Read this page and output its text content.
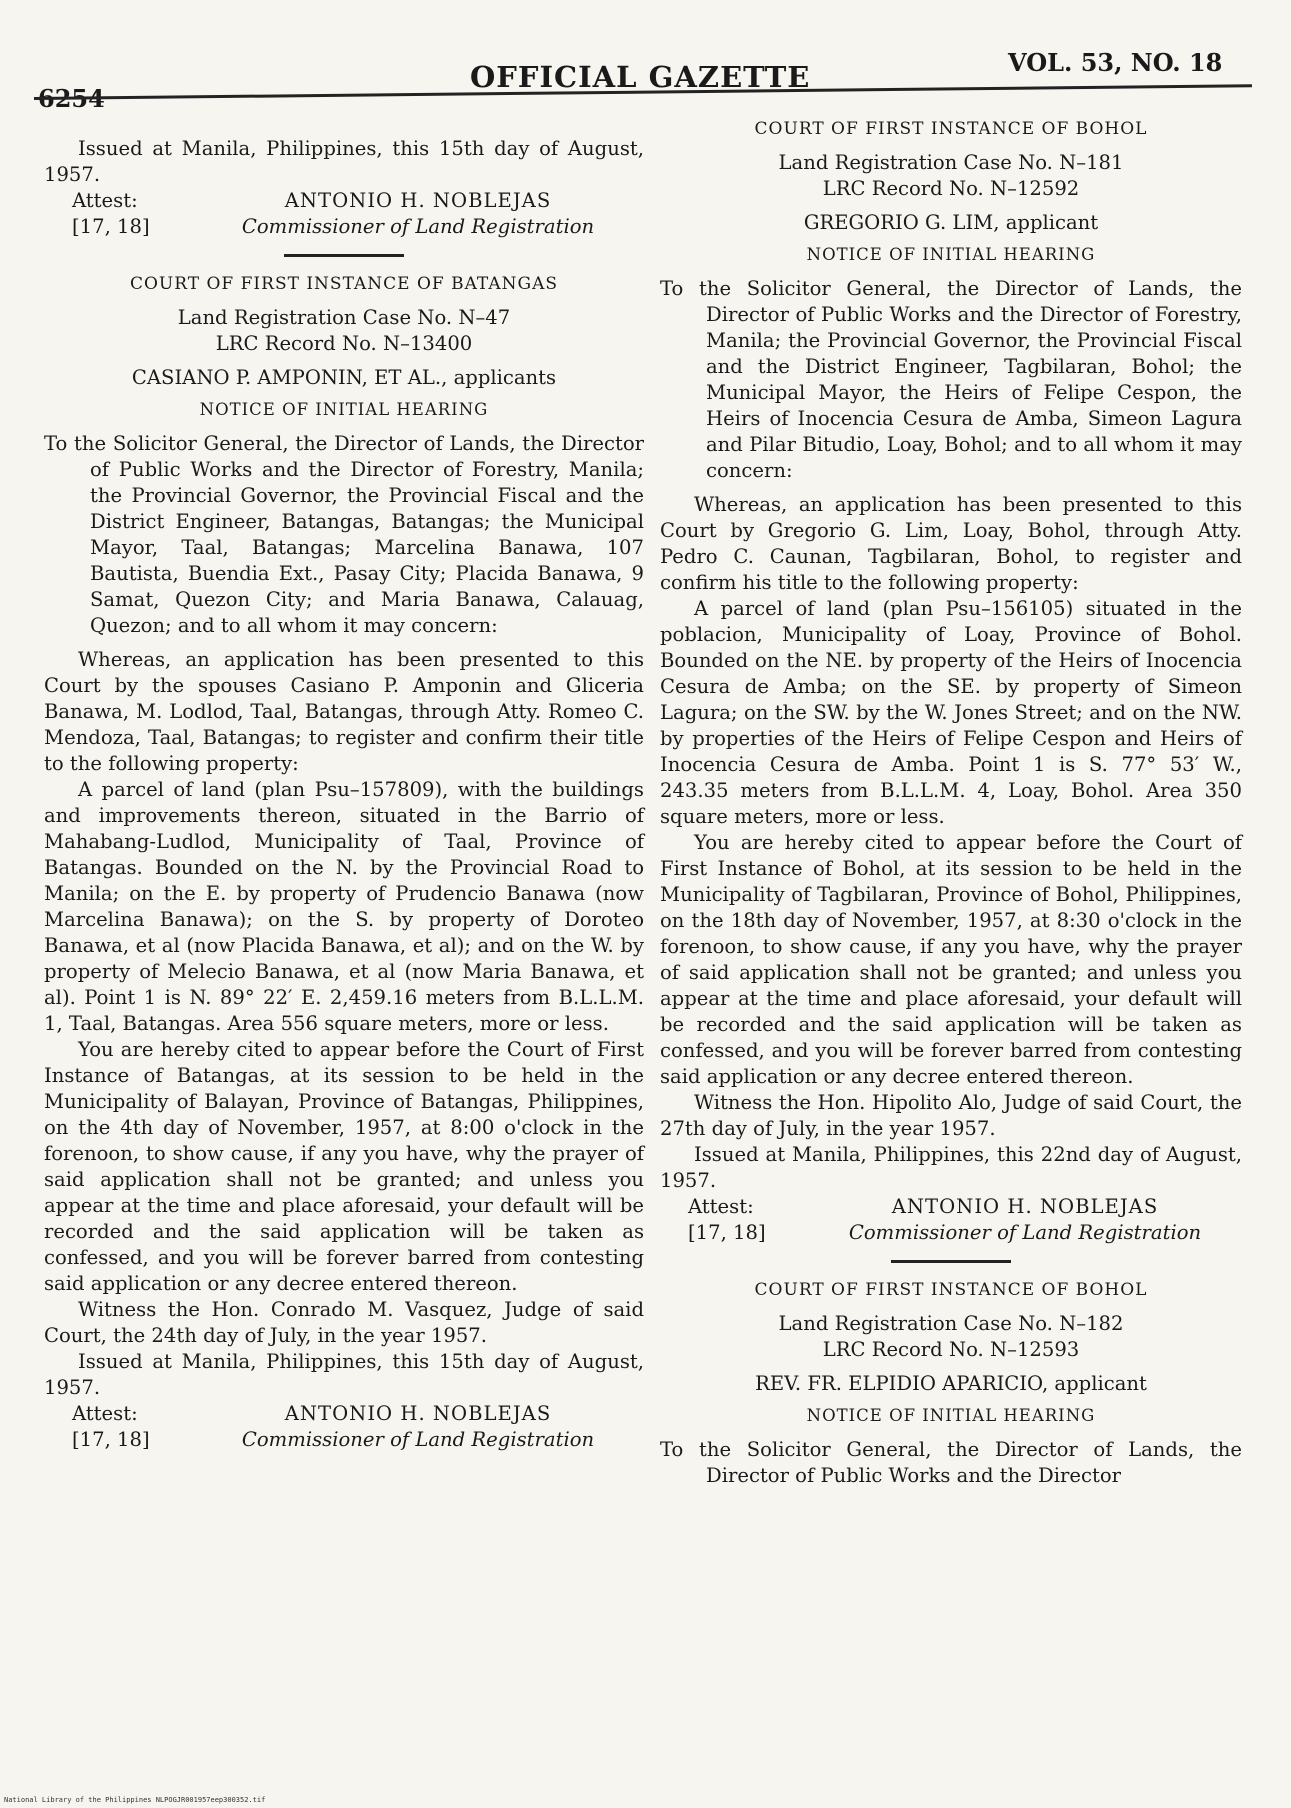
6254
OFFICIAL GAZETTE	VOL. 53, NO. 18

Issued at Manila, Philippines, this 15th day of August, 1957.

Attest:	ANTONIO H. NOBLEJAS
[17, 18]	Commissioner of Land Registration
COURT OF FIRST INSTANCE OF BATANGAS

Land Registration Case No. N–47

LRC Record No. N–13400

CASIANO P. AMPONIN, ET AL., applicants

NOTICE OF INITIAL HEARING

To the Solicitor General, the Director of Lands, the Director of Public Works and the Director of Forestry, Manila; the Provincial Governor, the Provincial Fiscal and the District Engineer, Batangas, Batangas; the Municipal Mayor, Taal, Batangas; Marcelina Banawa, 107 Bautista, Buendia Ext., Pasay City; Placida Banawa, 9 Samat, Quezon City; and Maria Banawa, Calauag, Quezon; and to all whom it may concern:

Whereas, an application has been presented to this Court by the spouses Casiano P. Amponin and Gliceria Banawa, M. Lodlod, Taal, Batangas, through Atty. Romeo C. Mendoza, Taal, Batangas; to register and confirm their title to the following property:

A parcel of land (plan Psu–157809), with the buildings and improvements thereon, situated in the Barrio of Mahabang-Ludlod, Municipality of Taal, Province of Batangas. Bounded on the N. by the Provincial Road to Manila; on the E. by property of Prudencio Banawa (now Marcelina Banawa); on the S. by property of Doroteo Banawa, et al (now Placida Banawa, et al); and on the W. by property of Melecio Banawa, et al (now Maria Banawa, et al). Point 1 is N. 89° 22′ E. 2,459.16 meters from B.L.L.M. 1, Taal, Batangas. Area 556 square meters, more or less.

You are hereby cited to appear before the Court of First Instance of Batangas, at its session to be held in the Municipality of Balayan, Province of Batangas, Philippines, on the 4th day of November, 1957, at 8:00 o'clock in the forenoon, to show cause, if any you have, why the prayer of said application shall not be granted; and unless you appear at the time and place aforesaid, your default will be recorded and the said application will be taken as confessed, and you will be forever barred from contesting said application or any decree entered thereon.

Witness the Hon. Conrado M. Vasquez, Judge of said Court, the 24th day of July, in the year 1957.

Issued at Manila, Philippines, this 15th day of August, 1957.

Attest:	ANTONIO H. NOBLEJAS
[17, 18]	Commissioner of Land Registration
COURT OF FIRST INSTANCE OF BOHOL

Land Registration Case No. N–181

LRC Record No. N–12592

GREGORIO G. LIM, applicant

NOTICE OF INITIAL HEARING

To the Solicitor General, the Director of Lands, the Director of Public Works and the Director of Forestry, Manila; the Provincial Governor, the Provincial Fiscal and the District Engineer, Tagbilaran, Bohol; the Municipal Mayor, the Heirs of Felipe Cespon, the Heirs of Inocencia Cesura de Amba, Simeon Lagura and Pilar Bitudio, Loay, Bohol; and to all whom it may concern:

Whereas, an application has been presented to this Court by Gregorio G. Lim, Loay, Bohol, through Atty. Pedro C. Caunan, Tagbilaran, Bohol, to register and confirm his title to the following property:

A parcel of land (plan Psu–156105) situated in the poblacion, Municipality of Loay, Province of Bohol. Bounded on the NE. by property of the Heirs of Inocencia Cesura de Amba; on the SE. by property of Simeon Lagura; on the SW. by the W. Jones Street; and on the NW. by properties of the Heirs of Felipe Cespon and Heirs of Inocencia Cesura de Amba. Point 1 is S. 77° 53′ W., 243.35 meters from B.L.L.M. 4, Loay, Bohol. Area 350 square meters, more or less.

You are hereby cited to appear before the Court of First Instance of Bohol, at its session to be held in the Municipality of Tagbilaran, Province of Bohol, Philippines, on the 18th day of November, 1957, at 8:30 o'clock in the forenoon, to show cause, if any you have, why the prayer of said application shall not be granted; and unless you appear at the time and place aforesaid, your default will be recorded and the said application will be taken as confessed, and you will be forever barred from contesting said application or any decree entered thereon.

Witness the Hon. Hipolito Alo, Judge of said Court, the 27th day of July, in the year 1957.

Issued at Manila, Philippines, this 22nd day of August, 1957.

Attest:	ANTONIO H. NOBLEJAS
[17, 18]	Commissioner of Land Registration
COURT OF FIRST INSTANCE OF BOHOL

Land Registration Case No. N–182

LRC Record No. N–12593

REV. FR. ELPIDIO APARICIO, applicant

NOTICE OF INITIAL HEARING

To the Solicitor General, the Director of Lands, the Director of Public Works and the Director

National Library of the Philippines NLPOGJR001957eep300352.tif
